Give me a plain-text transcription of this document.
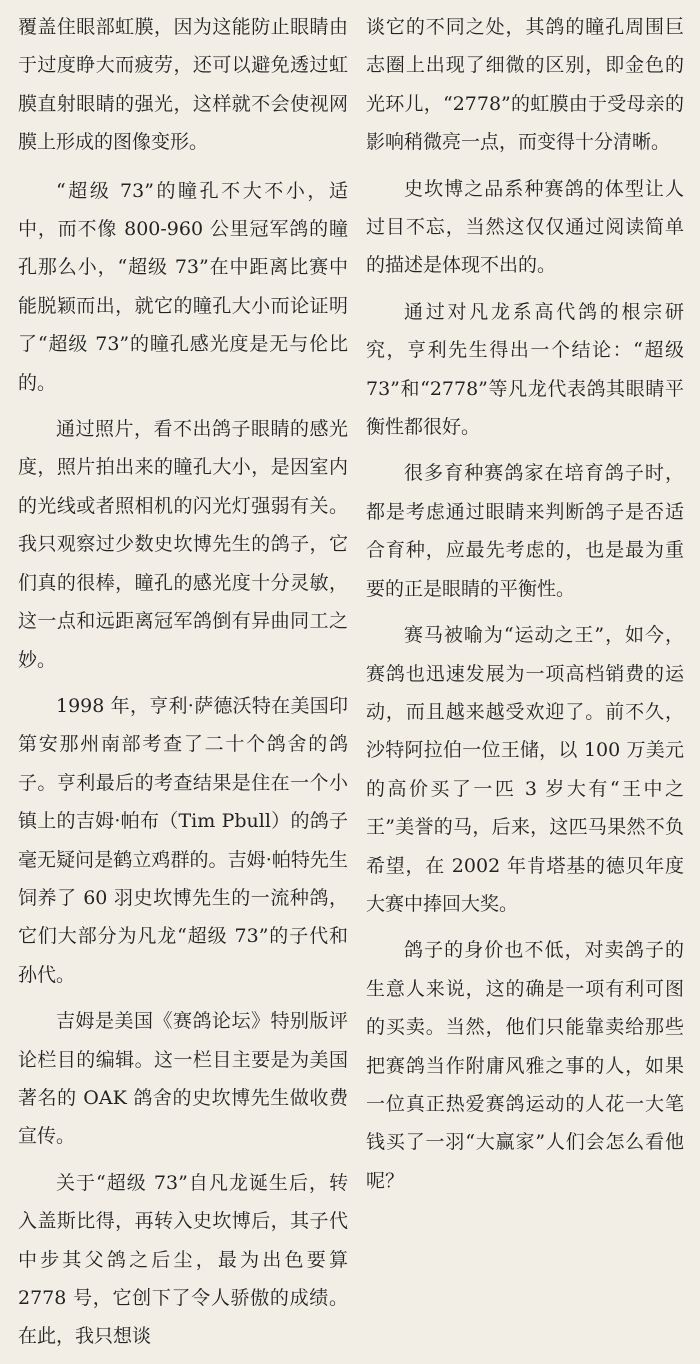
覆盖住眼部虹膜，因为这能防止眼睛由于过度睁大而疲劳，还可以避免透过虹膜直射眼睛的强光，这样就不会使视网膜上形成的图像变形。

“超级 73”的瞳孔不大不小，适中，而不像 800-960 公里冠军鸽的瞳孔那么小，“超级 73”在中距离比赛中能脱颖而出，就它的瞳孔大小而论证明了“超级 73”的瞳孔感光度是无与伦比的。

通过照片，看不出鸽子眼睛的感光度，照片拍出来的瞳孔大小，是因室内的光线或者照相机的闪光灯强弱有关。我只观察过少数史坎博先生的鸽子，它们真的很棒，瞳孔的感光度十分灵敏，这一点和远距离冠军鸽倒有异曲同工之妙。

1998 年，亨利·萨德沃特在美国印第安那州南部考查了二十个鸽舍的鸽子。亨利最后的考查结果是住在一个小镇上的吉姆·帕布（Tim Pbull）的鸽子毫无疑问是鹤立鸡群的。吉姆·帕特先生饲养了 60 羽史坎博先生的一流种鸽，它们大部分为凡龙“超级 73”的子代和孙代。

吉姆是美国《赛鸽论坛》特别版评论栏目的编辑。这一栏目主要是为美国著名的 OAK 鸽舍的史坎博先生做收费宣传。

关于“超级 73”自凡龙诞生后，转入盖斯比得，再转入史坎博后，其子代中步其父鸽之后尘，最为出色要算 2778 号，它创下了令人骄傲的成绩。在此，我只想谈

谈它的不同之处，其鸽的瞳孔周围巨志圈上出现了细微的区别，即金色的光环儿，“2778”的虹膜由于受母亲的影响稍微亮一点，而变得十分清晰。

史坎博之品系种赛鸽的体型让人过目不忘，当然这仅仅通过阅读简单的描述是体现不出的。

通过对凡龙系高代鸽的根宗研究，亨利先生得出一个结论：“超级 73”和“2778”等凡龙代表鸽其眼睛平衡性都很好。

很多育种赛鸽家在培育鸽子时，都是考虑通过眼睛来判断鸽子是否适合育种，应最先考虑的，也是最为重要的正是眼睛的平衡性。

赛马被喻为“运动之王”，如今，赛鸽也迅速发展为一项高档销费的运动，而且越来越受欢迎了。前不久，沙特阿拉伯一位王储，以 100 万美元的高价买了一匹 3 岁大有“王中之王”美誉的马，后来，这匹马果然不负希望，在 2002 年肯塔基的德贝年度大赛中捧回大奖。

鸽子的身价也不低，对卖鸽子的生意人来说，这的确是一项有利可图的买卖。当然，他们只能靠卖给那些把赛鸽当作附庸风雅之事的人，如果一位真正热爱赛鸽运动的人花一大笔钱买了一羽“大赢家”人们会怎么看他呢？
